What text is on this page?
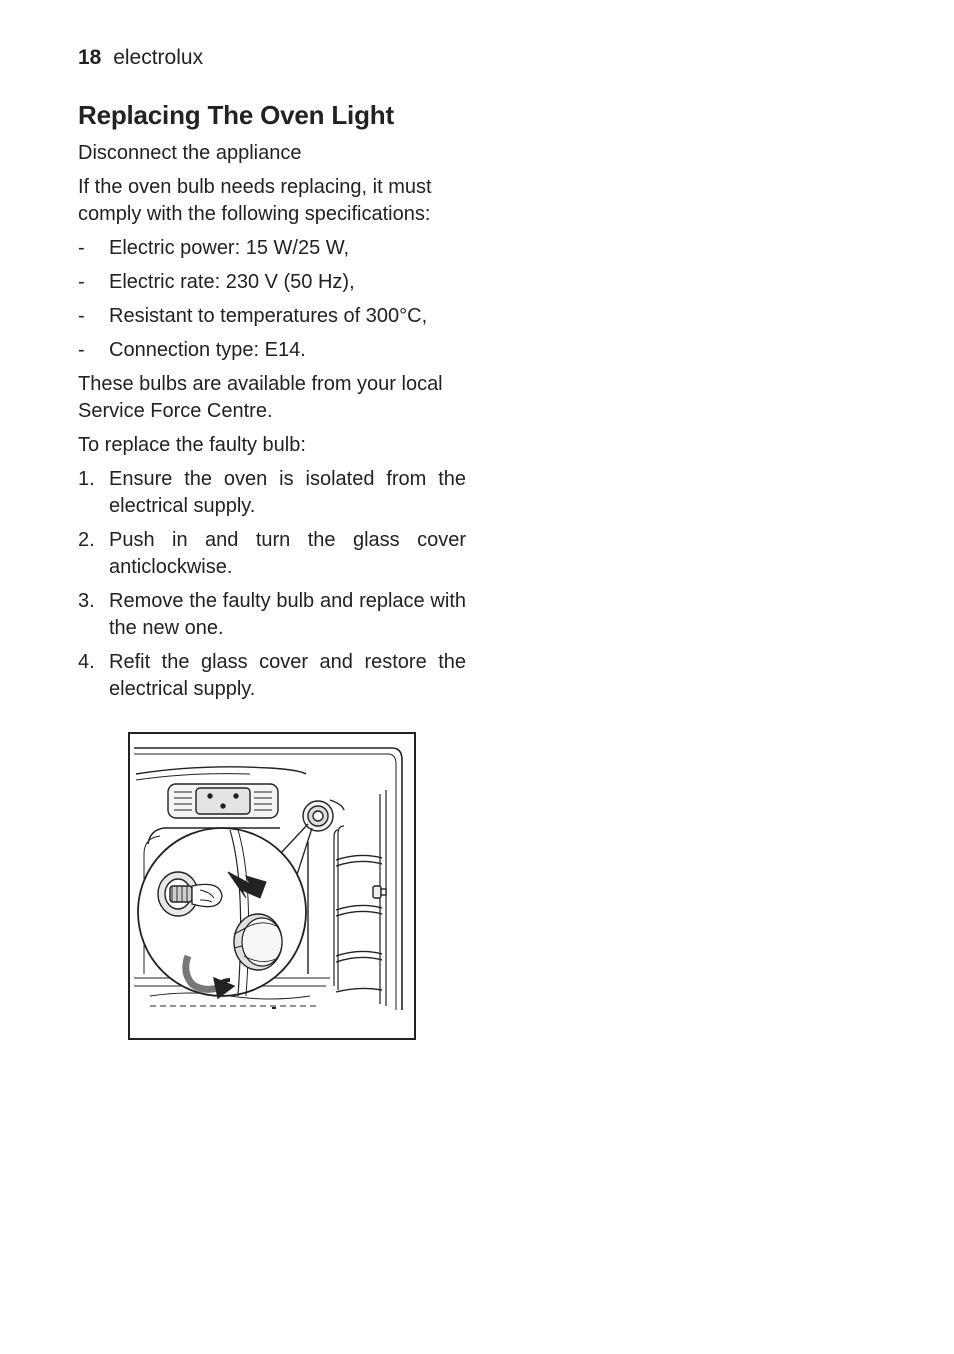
18 electrolux
Replacing The Oven Light

Disconnect the appliance

If the oven bulb needs replacing, it must comply with the following specifications:

-	Electric power: 15 W/25 W,
-	Electric rate: 230 V (50 Hz),
-	Resistant to temperatures of 300°C,
-	Connection type: E14.

These bulbs are available from your local Service Force Centre.

To replace the faulty bulb:

1. Ensure the oven is isolated from the electrical supply.
2. Push in and turn the glass cover anticlockwise.
3. Remove the faulty bulb and replace with the new one.
4. Refit the glass cover and restore the electrical supply.
